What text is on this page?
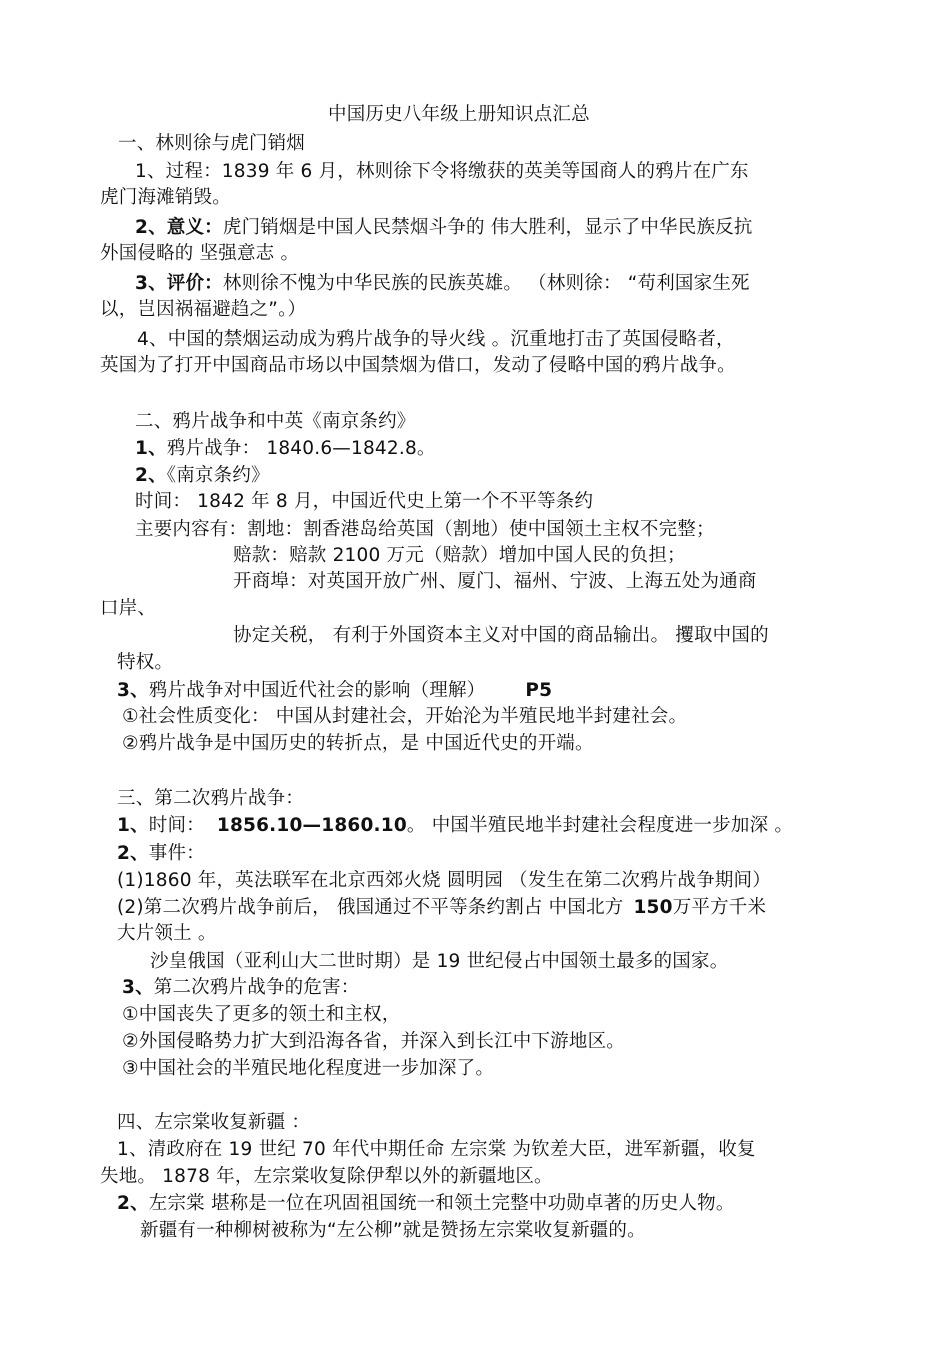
中国历史八年级上册知识点汇总
一、林则徐与虎门销烟
1、过程：1839 年 6 月，林则徐下令将缴获的英美等国商人的鸦片在广东
虎门海滩销毁。
2、意义：虎门销烟是中国人民禁烟斗争的 伟大胜利，显示了中华民族反抗
外国侵略的 坚强意志 。
3、评价：林则徐不愧为中华民族的民族英雄。 （林则徐： “苟利国家生死
以，岂因祸福避趋之”。）
4、中国的禁烟运动成为鸦片战争的导火线 。沉重地打击了英国侵略者，
英国为了打开中国商品市场以中国禁烟为借口，发动了侵略中国的鸦片战争。
二、鸦片战争和中英《南京条约》
1、鸦片战争： 1840.6—1842.8。
2、《南京条约》
时间： 1842 年 8 月，中国近代史上第一个不平等条约
主要内容有：割地：割香港岛给英国（割地）使中国领土主权不完整；
赔款：赔款 2100 万元（赔款）增加中国人民的负担；
开商埠：对英国开放广州、厦门、福州、宁波、上海五处为通商
口岸、
协定关税， 有利于外国资本主义对中国的商品输出。 攫取中国的
特权。
3、鸦片战争对中国近代社会的影响（理解） P5
①社会性质变化： 中国从封建社会，开始沦为半殖民地半封建社会。
②鸦片战争是中国历史的转折点，是 中国近代史的开端。
三、第二次鸦片战争：
1、时间： 1856.10—1860.10。 中国半殖民地半封建社会程度进一步加深 。
2、事件：
(1)1860 年，英法联军在北京西郊火烧 圆明园 （发生在第二次鸦片战争期间）
(2)第二次鸦片战争前后， 俄国通过不平等条约割占 中国北方 150万平方千米
大片领土 。
沙皇俄国（亚利山大二世时期）是 19 世纪侵占中国领土最多的国家。
3、第二次鸦片战争的危害：
①中国丧失了更多的领土和主权，
②外国侵略势力扩大到沿海各省，并深入到长江中下游地区。
③中国社会的半殖民地化程度进一步加深了。
四、左宗棠收复新疆 ：
1、清政府在 19 世纪 70 年代中期任命 左宗棠 为钦差大臣，进军新疆，收复
失地。 1878 年，左宗棠收复除伊犁以外的新疆地区。
2、左宗棠 堪称是一位在巩固祖国统一和领土完整中功勋卓著的历史人物。
新疆有一种柳树被称为“左公柳”就是赞扬左宗棠收复新疆的。
